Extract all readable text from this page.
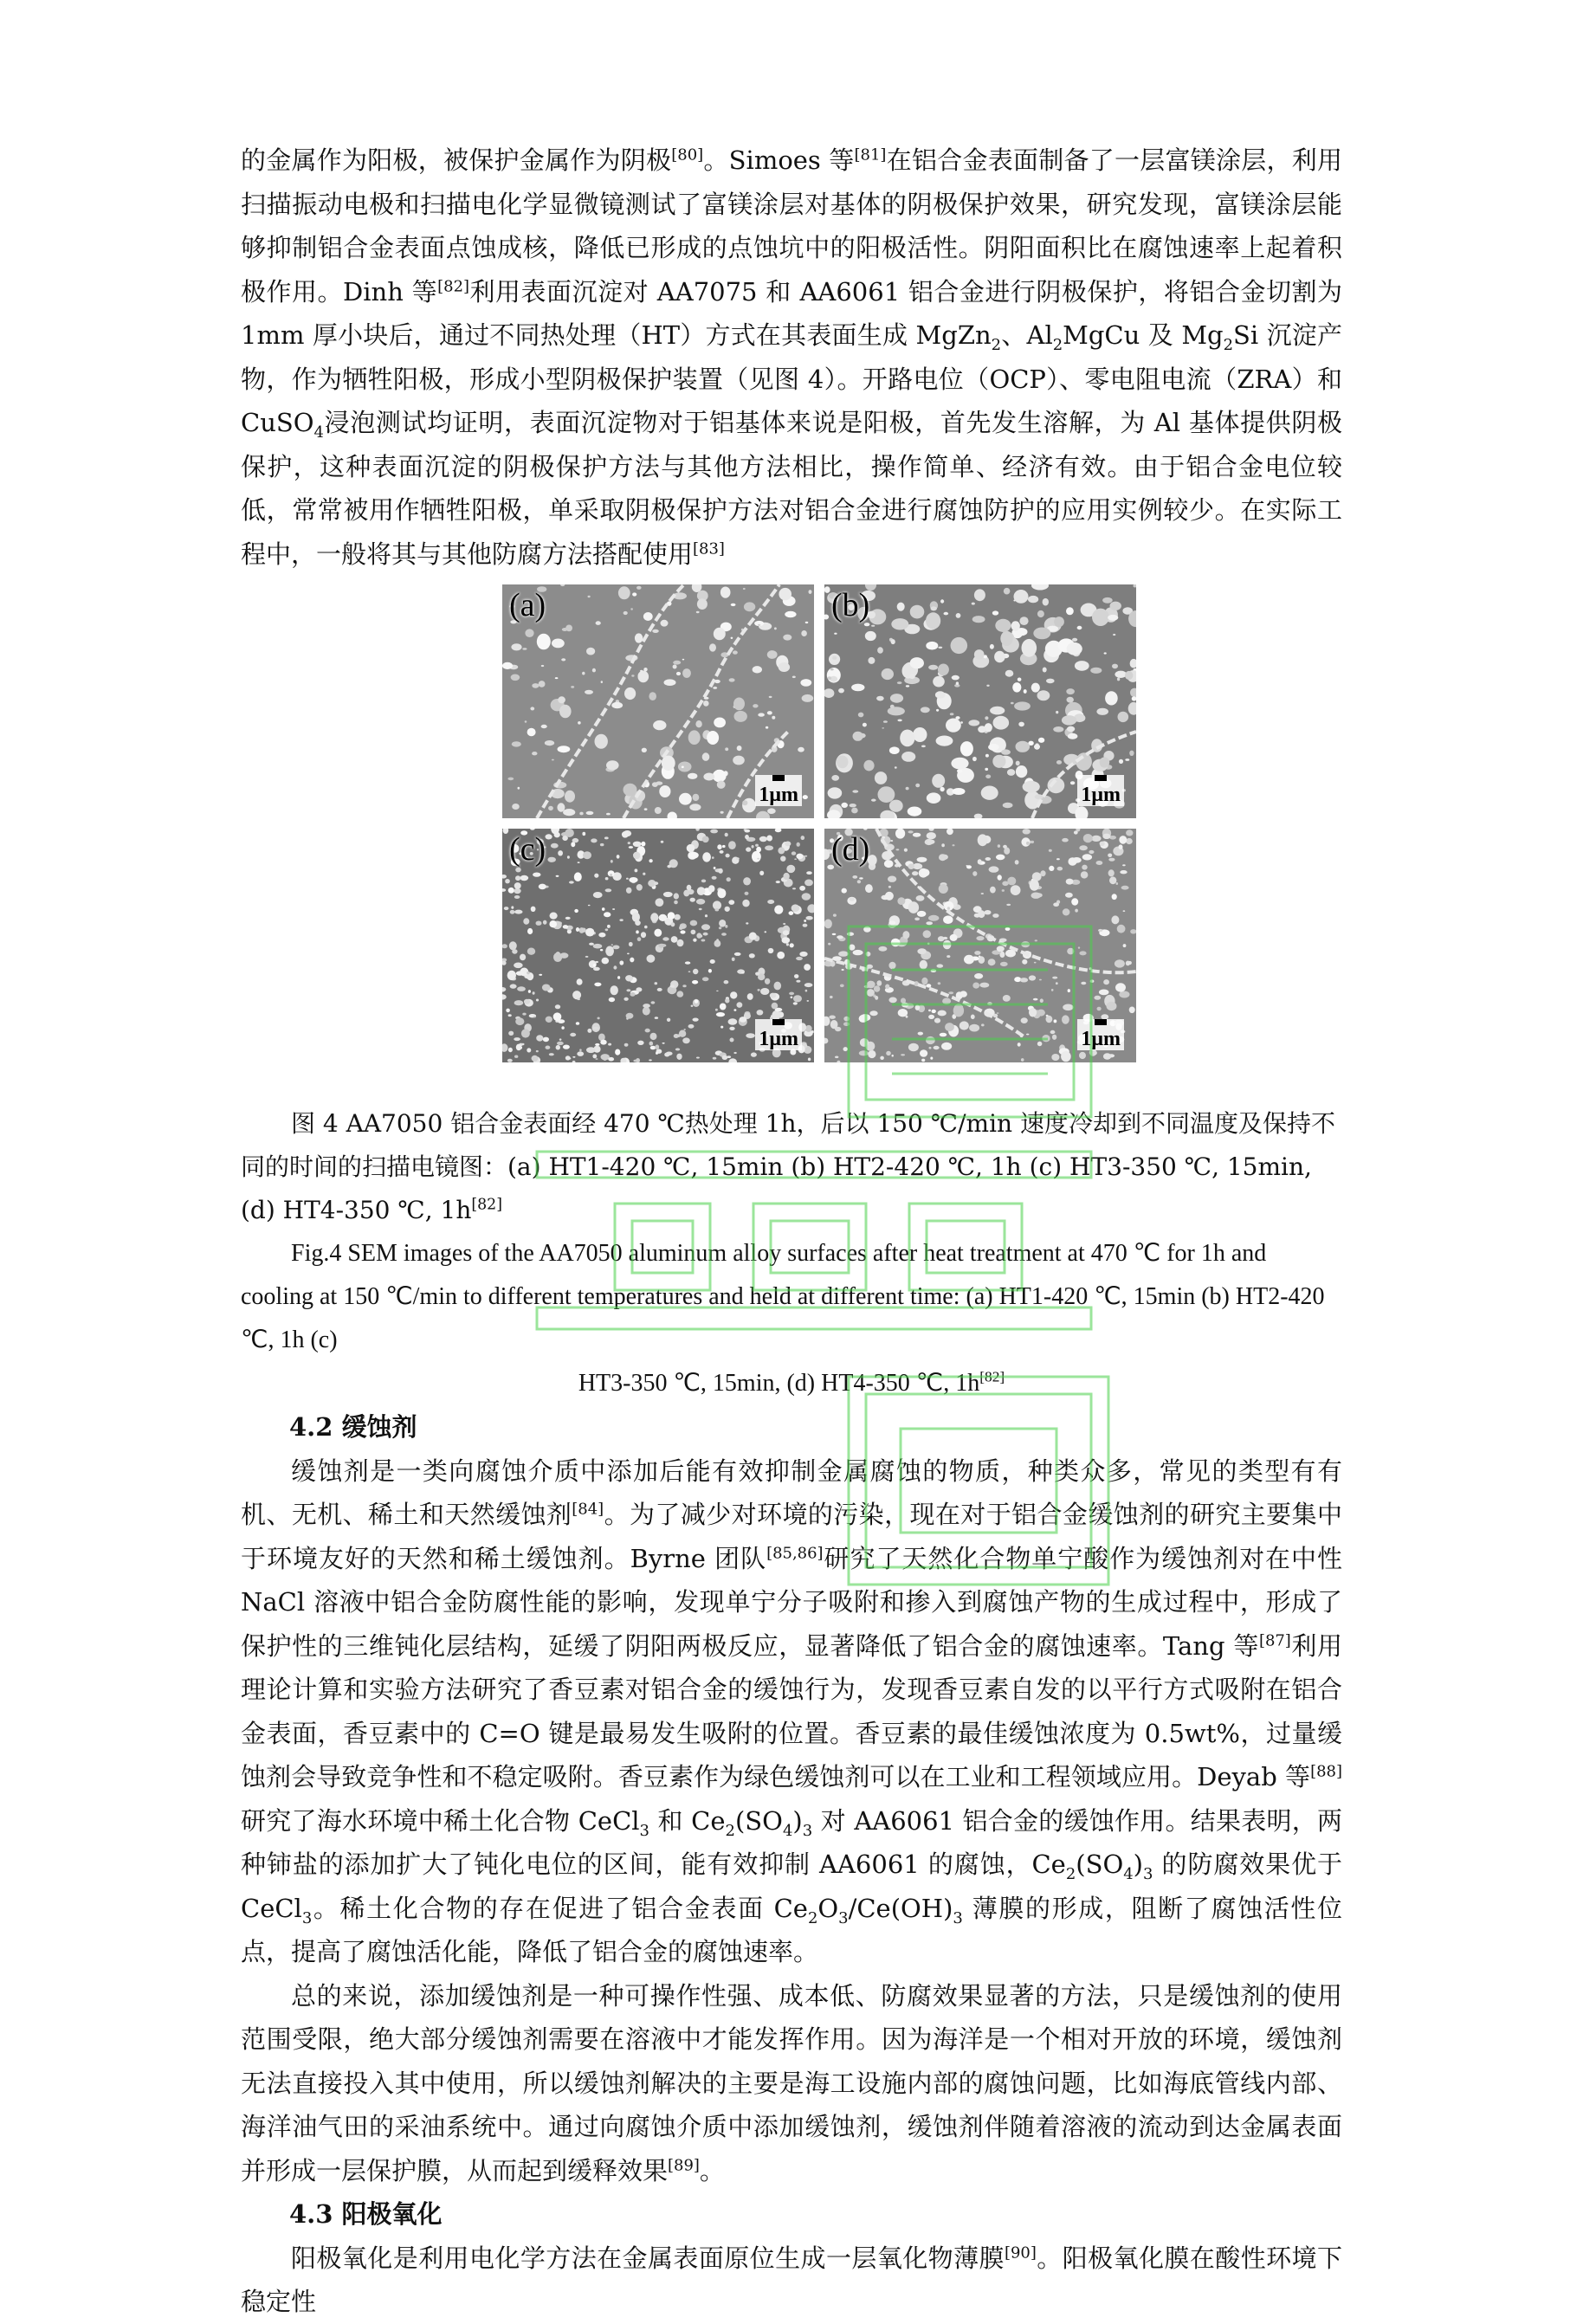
的金属作为阳极，被保护金属作为阴极[80]。Simoes 等[81]在铝合金表面制备了一层富镁涂层，利用扫描振动电极和扫描电化学显微镜测试了富镁涂层对基体的阴极保护效果，研究发现，富镁涂层能够抑制铝合金表面点蚀成核，降低已形成的点蚀坑中的阳极活性。阴阳面积比在腐蚀速率上起着积极作用。Dinh 等[82]利用表面沉淀对 AA7075 和 AA6061 铝合金进行阴极保护，将铝合金切割为 1mm 厚小块后，通过不同热处理（HT）方式在其表面生成 MgZn$_2$、$Al_2MgCu$ 及 $Mg_2Si$ 沉淀产物，作为牺牲阳极，形成小型阴极保护装置（见图 4）。开路电位（OCP）、零电阻电流（ZRA）和 CuSO$_4$浸泡测试均证明，表面沉淀物对于铝基体来说是阳极，首先发生溶解，为 Al 基体提供阴极保护，这种表面沉淀的阴极保护方法与其他方法相比，操作简单、经济有效。由于铝合金电位较低，常常被用作牺牲阳极，单采取阴极保护方法对铝合金进行腐蚀防护的应用实例较少。在实际工程中，一般将其与其他防腐方法搭配使用[83]

(a)
1μm
(b)
1μm
(c)
1μm
(d)
1μm

图 4 AA7050 铝合金表面经 470 ℃热处理 1h，后以 150 ℃/min 速度冷却到不同温度及保持不同的时间的扫描电镜图：(a) HT1-420 ℃, 15min (b) HT2-420 ℃, 1h (c) HT3-350 ℃, 15min, (d) HT4-350 ℃, 1h[82]

Fig.4 SEM images of the AA7050 aluminum alloy surfaces after heat treatment at 470 ℃ for 1h and cooling at 150 ℃/min to different temperatures and held at different time: (a) HT1-420 ℃, 15min (b) HT2-420 ℃, 1h (c)

HT3-350 ℃, 15min, (d) HT4-350 ℃, 1h[82]

4.2 缓蚀剂

缓蚀剂是一类向腐蚀介质中添加后能有效抑制金属腐蚀的物质，种类众多，常见的类型有有机、无机、稀土和天然缓蚀剂[84]。为了减少对环境的污染，现在对于铝合金缓蚀剂的研究主要集中于环境友好的天然和稀土缓蚀剂。Byrne 团队[85,86]研究了天然化合物单宁酸作为缓蚀剂对在中性 NaCl 溶液中铝合金防腐性能的影响，发现单宁分子吸附和掺入到腐蚀产物的生成过程中，形成了保护性的三维钝化层结构，延缓了阴阳两极反应，显著降低了铝合金的腐蚀速率。Tang 等[87]利用理论计算和实验方法研究了香豆素对铝合金的缓蚀行为，发现香豆素自发的以平行方式吸附在铝合金表面，香豆素中的 C=O 键是最易发生吸附的位置。香豆素的最佳缓蚀浓度为 0.5wt%，过量缓蚀剂会导致竞争性和不稳定吸附。香豆素作为绿色缓蚀剂可以在工业和工程领域应用。Deyab 等[88]研究了海水环境中稀土化合物 CeCl$_3$ 和 $Ce_2(SO_4)_3$ 对 AA6061 铝合金的缓蚀作用。结果表明，两种铈盐的添加扩大了钝化电位的区间，能有效抑制 AA6061 的腐蚀，$Ce_2(SO_4)_3$ 的防腐效果优于 CeCl$_3$。稀土化合物的存在促进了铝合金表面 $Ce_2O_3/Ce(OH)_3$ 薄膜的形成，阻断了腐蚀活性位点，提高了腐蚀活化能，降低了铝合金的腐蚀速率。

总的来说，添加缓蚀剂是一种可操作性强、成本低、防腐效果显著的方法，只是缓蚀剂的使用范围受限，绝大部分缓蚀剂需要在溶液中才能发挥作用。因为海洋是一个相对开放的环境，缓蚀剂无法直接投入其中使用，所以缓蚀剂解决的主要是海工设施内部的腐蚀问题，比如海底管线内部、海洋油气田的采油系统中。通过向腐蚀介质中添加缓蚀剂，缓蚀剂伴随着溶液的流动到达金属表面并形成一层保护膜，从而起到缓释效果[89]。

4.3 阳极氧化

阳极氧化是利用电化学方法在金属表面原位生成一层氧化物薄膜[90]。阳极氧化膜在酸性环境下稳定性
